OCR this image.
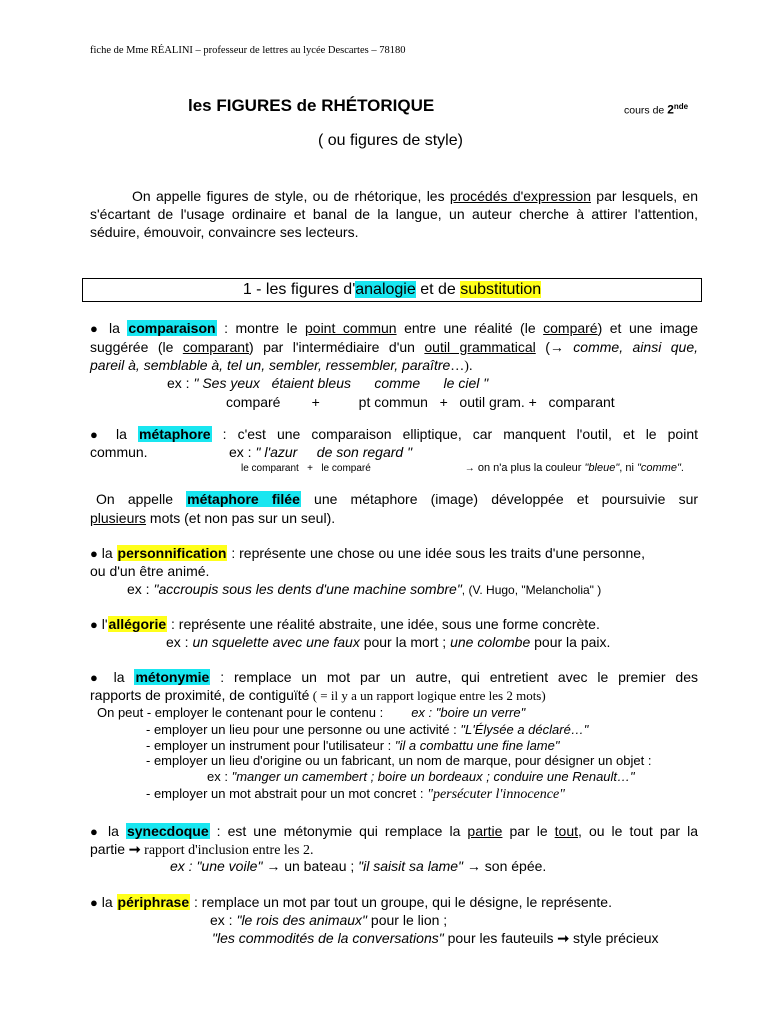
fiche de Mme RÉALINI – professeur de lettres au lycée Descartes – 78180
les FIGURES de RHÉTORIQUE	cours de 2nde
( ou figures de style)
On appelle figures de style, ou de rhétorique, les procédés d'expression par lesquels, en s'écartant de l'usage ordinaire et banal de la langue, un auteur cherche à attirer l'attention, séduire, émouvoir, convaincre ses lecteurs.
1 - les figures d'analogie et de substitution
● la comparaison : montre le point commun entre une réalité (le comparé) et une image
suggérée (le comparant) par l'intermédiaire d'un outil grammatical (→ comme, ainsi que,
pareil à, semblable à, tel un, sembler, ressembler, paraître…).
ex : " Ses yeux   étaient bleus      comme      le ciel "
comparé        +          pt commun   +   outil gram. +   comparant
● la métaphore : c'est une comparaison elliptique, car manquent l'outil, et le point
commun.	ex : " l'azur     de son regard "
le comparant   +   le comparé	→ on n'a plus la couleur "bleue", ni "comme".
On appelle métaphore filée une métaphore (image) développée et poursuivie sur
plusieurs mots (et non pas sur un seul).
● la personnification : représente une chose ou une idée sous les traits d'une personne,
ou d'un être animé.
ex : "accroupis sous les dents d'une machine sombre", (V. Hugo, "Melancholia" )
● l'allégorie : représente une réalité abstraite, une idée, sous une forme concrète.
ex : un squelette avec une faux pour la mort ; une colombe pour la paix.
● la métonymie : remplace un mot par un autre, qui entretient avec le premier des
rapports de proximité, de contiguïté ( = il y a un rapport logique entre les 2 mots)
On peut - employer le contenant pour le contenu : ex : "boire un verre"
- employer un lieu pour une personne ou une activité : "L'Élysée a déclaré…"
- employer un instrument pour l'utilisateur : "il a combattu une fine lame"
- employer un lieu d'origine ou un fabricant, un nom de marque, pour désigner un objet :
ex : "manger un camembert ; boire un bordeaux ; conduire une Renault…"
- employer un mot abstrait pour un mot concret : "persécuter l'innocence"
● la synecdoque : est une métonymie qui remplace la partie par le tout, ou le tout par la
partie ➞ rapport d'inclusion entre les 2.
ex : "une voile" → un bateau ; "il saisit sa lame" → son épée.
● la périphrase : remplace un mot par tout un groupe, qui le désigne, le représente.
ex : "le rois des animaux" pour le lion ;
"les commodités de la conversations" pour les fauteuils ➞ style précieux
